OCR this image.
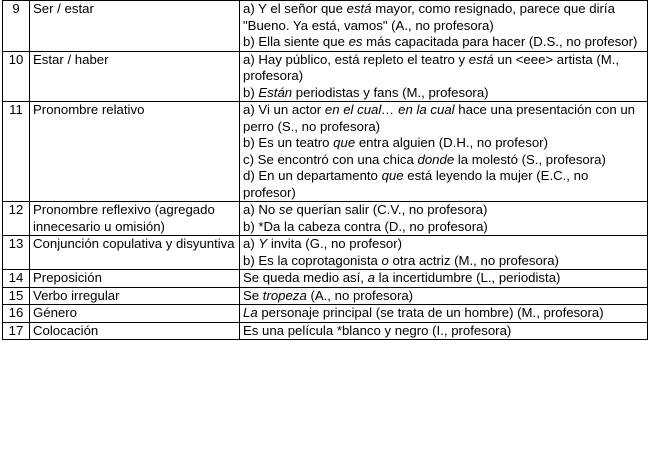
9	Ser / estar	a) Y el señor que está mayor, como resignado, parece que diría "Bueno. Ya está, vamos" (A., no profesora)
b) Ella siente que es más capacitada para hacer (D.S., no profesor)

10	Estar / haber	a) Hay público, está repleto el teatro y está un <eee> artista (M., profesora)
b) Están periodistas y fans (M., profesora)

11	Pronombre relativo	a) Vi un actor en el cual… en la cual hace una presentación con un perro (S., no profesora)
b) Es un teatro que entra alguien (D.H., no profesor)
c) Se encontró con una chica donde la molestó (S., profesora)
d) En un departamento que está leyendo la mujer (E.C., no profesor)

12	Pronombre reflexivo (agregado innecesario u omisión)	a) No se querían salir (C.V., no profesora)
b) *Da la cabeza contra (D., no profesora)

13	Conjunción copulativa y disyuntiva	a) Y invita (G., no profesor)
b) Es la coprotagonista o otra actriz (M., no profesora)

14	Preposición	Se queda medio así, a la incertidumbre (L., periodista)

15	Verbo irregular	Se tropeza (A., no profesora)

16	Género	La personaje principal (se trata de un hombre) (M., profesora)

17	Colocación	Es una película *blanco y negro (I., profesora)
